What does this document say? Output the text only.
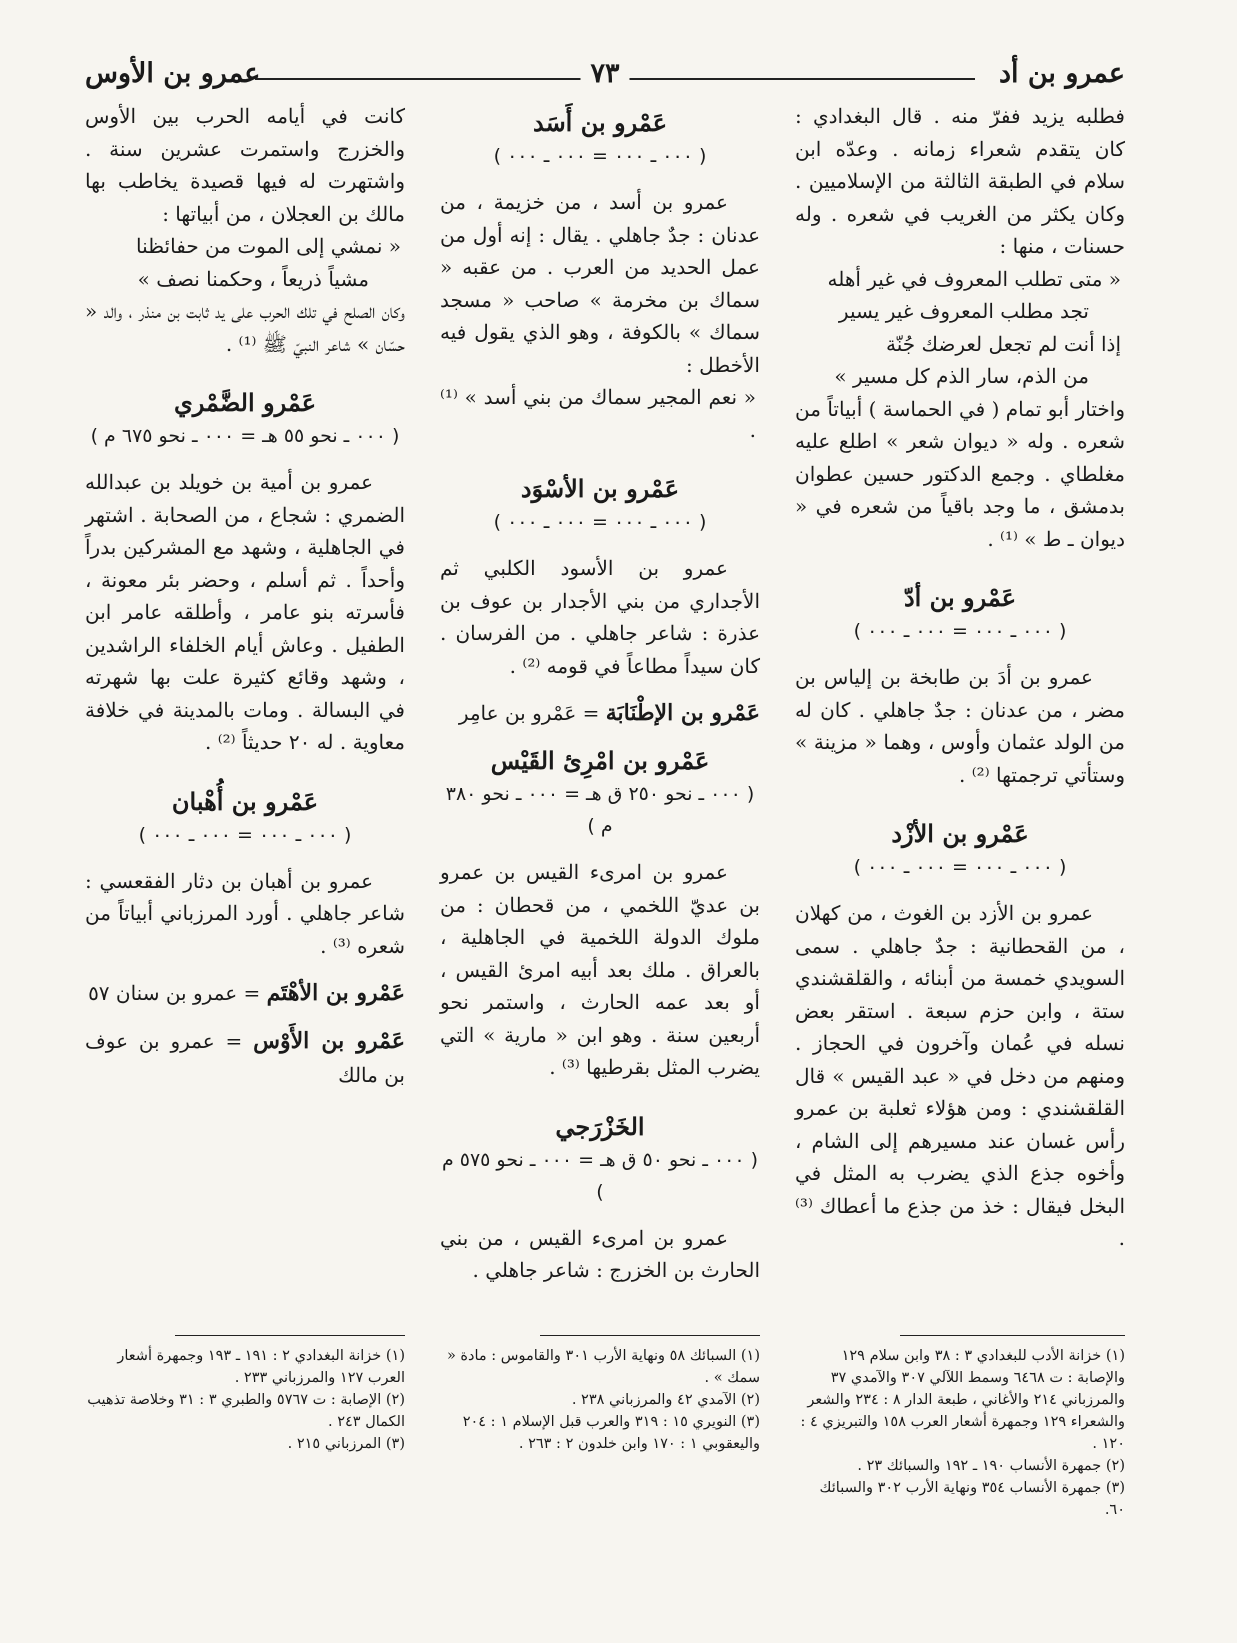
عمرو بن أد
٧٣
عمرو بن الأوس

فطلبه يزيد ففرّ منه . قال البغدادي : كان يتقدم شعراء زمانه . وعدّه ابن سلام في الطبقة الثالثة من الإسلاميين . وكان يكثر من الغريب في شعره . وله حسنات ، منها :

« متى تطلب المعروف في غير أهله

تجد مطلب المعروف غير يسير

إذا أنت لم تجعل لعرضك جُنّة

من الذم، سار الذم كل مسير »

واختار أبو تمام ( في الحماسة ) أبياتاً من شعره . وله « ديوان شعر » اطلع عليه مغلطاي . وجمع الدكتور حسين عطوان بدمشق ، ما وجد باقياً من شعره في « ديوان ـ ط » ⁽¹⁾ .

عَمْرو بن أدّ
( ٠٠٠ ـ ٠٠٠ = ٠٠٠ ـ ٠٠٠ )

عمرو بن أدَ بن طابخة بن إلياس بن مضر ، من عدنان : جدٌ جاهلي . كان له من الولد عثمان وأوس ، وهما « مزينة » وستأتي ترجمتها ⁽²⁾ .

عَمْرو بن الأزْد
( ٠٠٠ ـ ٠٠٠ = ٠٠٠ ـ ٠٠٠ )

عمرو بن الأزد بن الغوث ، من كهلان ، من القحطانية : جدٌ جاهلي . سمى السويدي خمسة من أبنائه ، والقلقشندي ستة ، وابن حزم سبعة . استقر بعض نسله في عُمان وآخرون في الحجاز . ومنهم من دخل في « عبد القيس » قال القلقشندي : ومن هؤلاء ثعلبة بن عمرو رأس غسان عند مسيرهم إلى الشام ، وأخوه جذع الذي يضرب به المثل في البخل فيقال : خذ من جذع ما أعطاك ⁽³⁾ .

عَمْرو بن أَسَد
( ٠٠٠ ـ ٠٠٠ = ٠٠٠ ـ ٠٠٠ )

عمرو بن أسد ، من خزيمة ، من عدنان : جدٌ جاهلي . يقال : إنه أول من عمل الحديد من العرب . من عقبه « سماك بن مخرمة » صاحب « مسجد سماك » بالكوفة ، وهو الذي يقول فيه الأخطل :

« نعم المجير سماك من بني أسد » ⁽¹⁾ .

عَمْرو بن الأسْوَد
( ٠٠٠ ـ ٠٠٠ = ٠٠٠ ـ ٠٠٠ )

عمرو بن الأسود الكلبي ثم الأجداري من بني الأجدار بن عوف بن عذرة : شاعر جاهلي . من الفرسان . كان سيداً مطاعاً في قومه ⁽²⁾ .

عَمْرو بن الإطْنَابَة = عَمْرو بن عامِر
عَمْرو بن امْرِئ القَيْس
( ٠٠٠ ـ نحو ٢٥٠ ق هـ = ٠٠٠ ـ نحو ٣٨٠ م )

عمرو بن امرىء القيس بن عمرو بن عديّ اللخمي ، من قحطان : من ملوك الدولة اللخمية في الجاهلية ، بالعراق . ملك بعد أبيه امرئ القيس ، أو بعد عمه الحارث ، واستمر نحو أربعين سنة . وهو ابن « مارية » التي يضرب المثل بقرطيها ⁽³⁾ .

الخَزْرَجي
( ٠٠٠ ـ نحو ٥٠ ق هـ = ٠٠٠ ـ نحو ٥٧٥ م )

عمرو بن امرىء القيس ، من بني الحارث بن الخزرج : شاعر جاهلي .

كانت في أيامه الحرب بين الأوس والخزرج واستمرت عشرين سنة . واشتهرت له فيها قصيدة يخاطب بها مالك بن العجلان ، من أبياتها :

« نمشي إلى الموت من حفائظنا

مشياً ذريعاً ، وحكمنا نصف »

وكان الصلح في تلك الحرب على يد ثابت بن منذر ، والد « حسّان » شاعر النبيّ ﷺ ⁽¹⁾ .

عَمْرو الضَّمْري
( ٠٠٠ ـ نحو ٥٥ هـ = ٠٠٠ ـ نحو ٦٧٥ م )

عمرو بن أمية بن خويلد بن عبدالله الضمري : شجاع ، من الصحابة . اشتهر في الجاهلية ، وشهد مع المشركين بدراً وأحداً . ثم أسلم ، وحضر بئر معونة ، فأسرته بنو عامر ، وأطلقه عامر ابن الطفيل . وعاش أيام الخلفاء الراشدين ، وشهد وقائع كثيرة علت بها شهرته في البسالة . ومات بالمدينة في خلافة معاوية . له ٢٠ حديثاً ⁽²⁾ .

عَمْرو بن أُهْبان
( ٠٠٠ ـ ٠٠٠ = ٠٠٠ ـ ٠٠٠ )

عمرو بن أهبان بن دثار الفقعسي : شاعر جاهلي . أورد المرزباني أبياتاً من شعره ⁽³⁾ .

عَمْرو بن الأهْتَم = عمرو بن سنان ٥٧
عَمْرو بن الأَوْس = عمرو بن عوف بن مالك

(١) خزانة الأدب للبغدادي ٣ : ٣٨ وابن سلام ١٢٩ والإصابة : ت ٦٤٦٨ وسمط اللآلي ٣٠٧ والآمدي ٣٧ والمرزباني ٢١٤ والأغاني ، طبعة الدار ٨ : ٢٣٤ والشعر والشعراء ١٢٩ وجمهرة أشعار العرب ١٥٨ والتبريزي ٤ : ١٢٠ .

(٢) جمهرة الأنساب ١٩٠ ـ ١٩٢ والسبائك ٢٣ .

(٣) جمهرة الأنساب ٣٥٤ ونهاية الأرب ٣٠٢ والسبائك ٦٠.

(١) السبائك ٥٨ ونهاية الأرب ٣٠١ والقاموس : مادة « سمك » .

(٢) الآمدي ٤٢ والمرزباني ٢٣٨ .

(٣) النويري ١٥ : ٣١٩ والعرب قبل الإسلام ١ : ٢٠٤ واليعقوبي ١ : ١٧٠ وابن خلدون ٢ : ٢٦٣ .

(١) خزانة البغدادي ٢ : ١٩١ ـ ١٩٣ وجمهرة أشعار العرب ١٢٧ والمرزباني ٢٣٣ .

(٢) الإصابة : ت ٥٧٦٧ والطبري ٣ : ٣١ وخلاصة تذهيب الكمال ٢٤٣ .

(٣) المرزباني ٢١٥ .
